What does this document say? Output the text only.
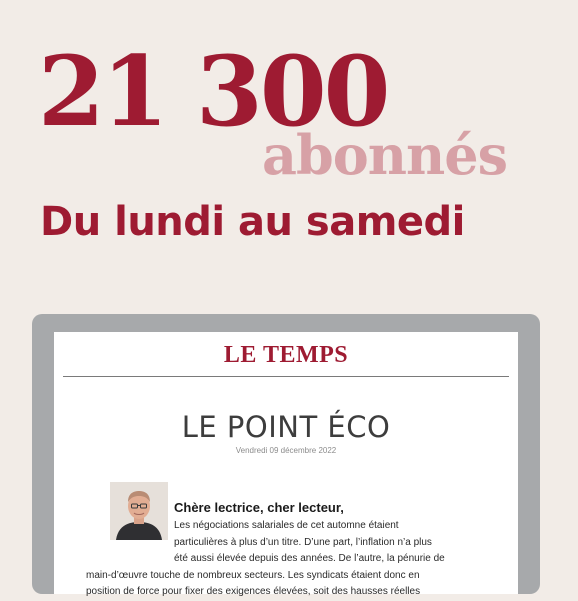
21 300
abonnés
Du lundi au samedi
LE TEMPS
LE POINT ÉCO
Vendredi 09 décembre 2022
Chère lectrice, cher lecteur,
Les négociations salariales de cet automne étaient
particulières à plus d’un titre. D’une part, l’inflation n’a plus
été aussi élevée depuis des années. De l’autre, la pénurie de
main-d’œuvre touche de nombreux secteurs. Les syndicats étaient donc en
position de force pour fixer des exigences élevées, soit des hausses réelles
